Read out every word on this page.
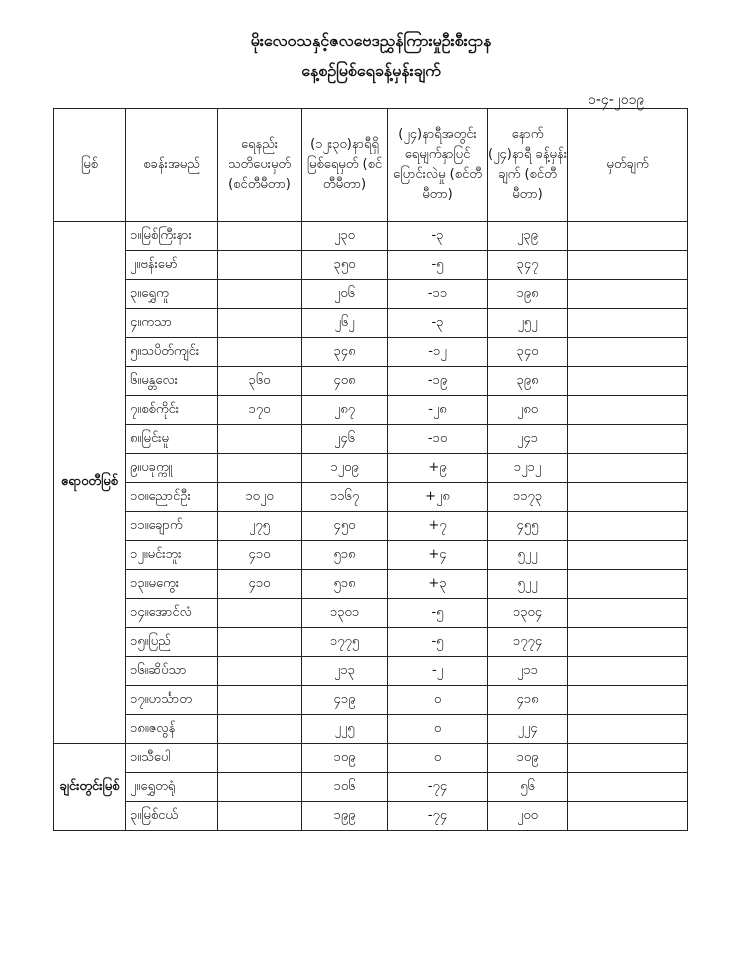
မိုးလေဝသနှင့်ဇလဗေဒညွှန်ကြားမှုဦးစီးဌာန
နေ့စဉ်မြစ်ရေခန့်မှန်းချက်
၁-၄-၂၀၁၉
မြစ်	စခန်းအမည်	ရေနည်း သတိပေးမှတ် (စင်တီမီတာ)	(၁၂း၃၀)နာရီရှိ မြစ်ရေမှတ် (စင်တီမီတာ)	(၂၄)နာရီအတွင်း ရေမျက်နှာပြင် ပြောင်းလဲမှု (စင်တီမီတာ)	နောက် (၂၄)နာရီ ခန့်မှန်းချက် (စင်တီမီတာ)	မှတ်ချက်
ဧရာဝတီမြစ်	၁။မြစ်ကြီးနား		၂၃၀	-၃	၂၃၉	
	၂။ဗန်းမော်		၃၅၀	-၅	၃၄၇	
	၃။ရွှေကူ		၂၀၆	-၁၁	၁၉၈	
	၄။ကသာ		၂၆၂	-၃	၂၅၂	
	၅။သပိတ်ကျင်း		၃၄၈	-၁၂	၃၄၀	
	၆။မန္တလေး	၃၆၀	၄၀၈	-၁၉	၃၉၈	
	၇။စစ်ကိုင်း	၁၇၀	၂၈၇	-၂၈	၂၈၀	
	၈။မြင်းမူ		၂၄၆	-၁၀	၂၄၁	
	၉။ပခုက္ကူ		၁၂၀၉	+၉	၁၂၁၂	
	၁၀။ညောင်ဦး	၁၀၂၀	၁၁၆၇	+၂၈	၁၁၇၃	
	၁၁။ချောက်	၂၇၅	၄၅၀	+၇	၄၅၅	
	၁၂။မင်းဘူး	၄၁၀	၅၁၈	+၄	၅၂၂	
	၁၃။မကွေး	၄၁၀	၅၁၈	+၃	၅၂၂	
	၁၄။အောင်လံ		၁၃၀၁	-၅	၁၃၀၄	
	၁၅။ပြည်		၁၇၇၅	-၅	၁၇၇၄	
	၁၆။ဆိပ်သာ		၂၁၃	-၂	၂၁၁	
	၁၇။ဟင်္သာတ		၄၁၉	၀	၄၁၈	
	၁၈။ဇလွန်		၂၂၅	၀	၂၂၄	
ချင်းတွင်းမြစ်	၁။သီပေါ		၁၀၉	၀	၁၀၉	
	၂။ရွှေတရုံ		၁၀၆	-၇၄	၅၆	
	၃။မြစ်ငယ်		၁၉၉	-၇၄	၂၀၀	
